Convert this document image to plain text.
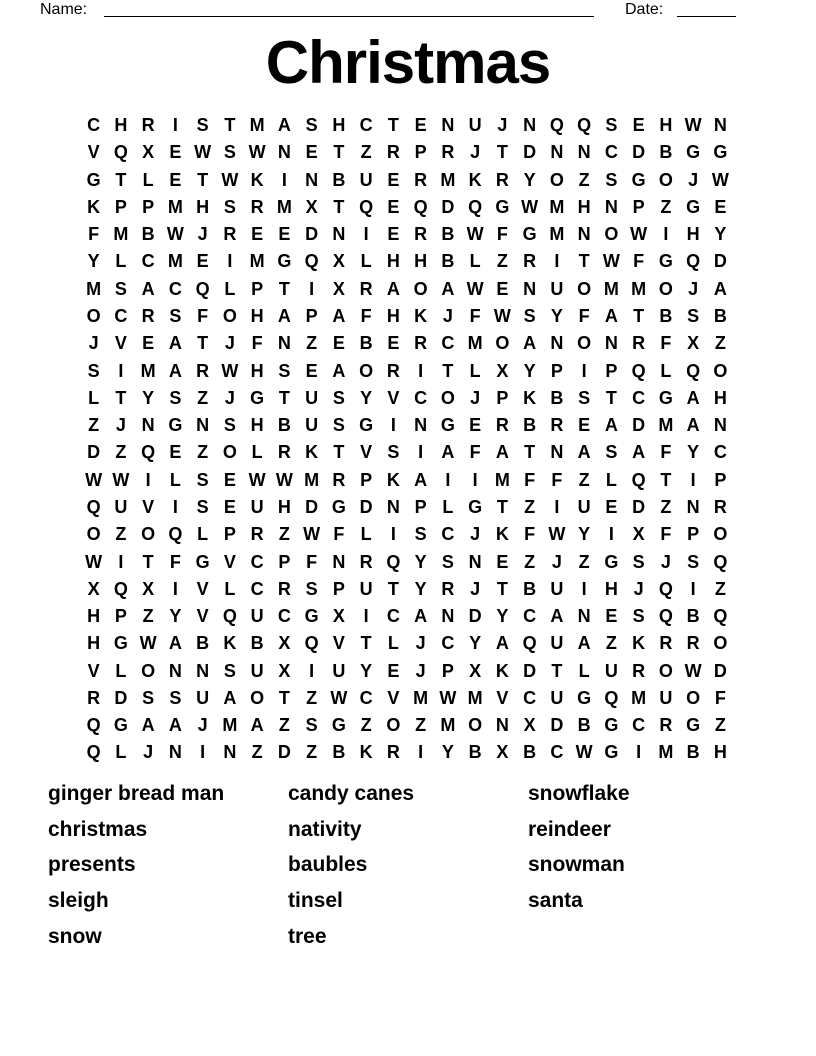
Name:	Date:
Christmas
C H R	I	S T M A S H C T E N U J N Q Q S E H W N
V Q X E W S W N E T Z R P R J T D N N C D B G G
G T L E T W K	I	N B U E R M K R Y O Z S G O J W
K P P M H S R M X T Q E Q D Q G W M H N P Z G E
F M B W J R E E D N	I	E R B W F G M N O W I	H Y
Y L C M E	I M G Q X L H H B L Z R	I	T W F G Q D
M S A C Q L P T	I	X R A O A W E N U O M M O J A
O C R S F O H A P A F H K J F W S Y F A T B S B
J V E A T J F N Z E B E R C M O A N O N R F X Z
S	I M A R W H S E A O R	I	T L X Y P	I	P Q L Q O
L T Y S Z J G T U S Y V C O J P K B S T C G A H
Z J N G N S H B U S G I	N G E R B R E A D M A N
D Z Q E Z O L R K T V S	I	A F A T N A S A F Y C
W W I	L S E W W M R P K A	I	I M F F Z L Q T	I	P
Q U V	I	S E U H D G D N P L G T Z	I	U E D Z N R
O Z O Q L P R Z W F L	I	S C J K F W Y	I	X F P O
W I	T F G V C P F N R Q Y S N E Z J Z G S J S Q
X Q X	I	V L C R S P U T Y R J T B U	I	H J Q I	Z
H P Z Y V Q U C G X	I	C A N D Y C A N E S Q B Q
H G W A B K B X Q V T L J C Y A Q U A Z K R R O
V L O N N S U X	I	U Y E J P X K D T L U R O W D
R D S S U A O T Z W C V M W M V C U G Q M U O F
Q G A A J M A Z S G Z O Z M O N X D B G C R G Z
Q L J N	I	N Z D Z B K R	I	Y B X B C W G I M B H
ginger bread man
christmas
presents
sleigh
snow
candy canes
nativity
baubles
tinsel
tree
snowflake
reindeer
snowman
santa
